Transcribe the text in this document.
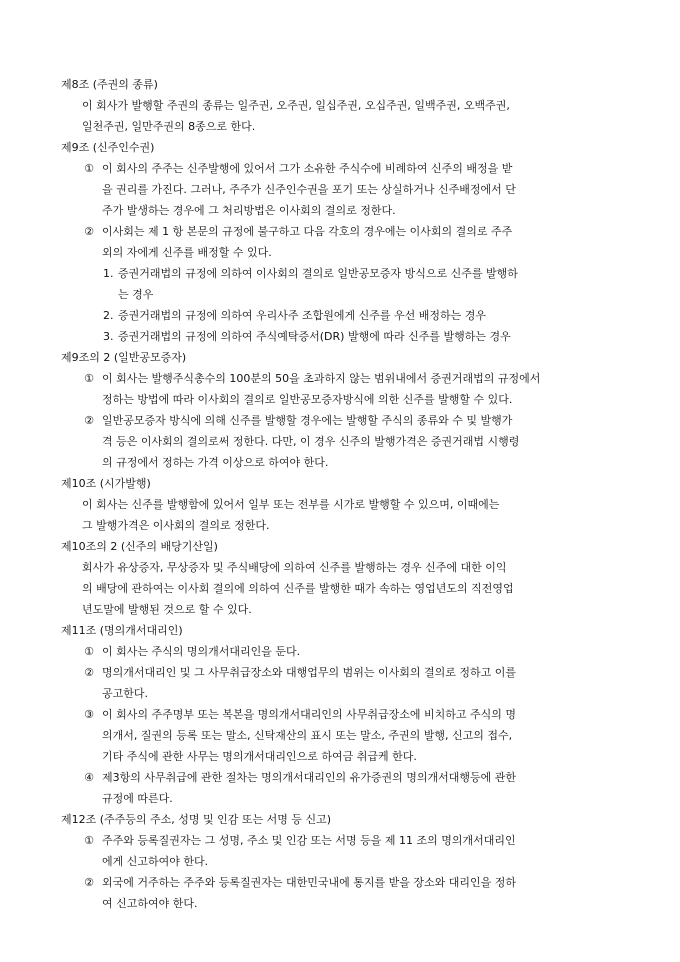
제8조 (주권의 종류)
이 회사가 발행할 주권의 종류는 일주권, 오주권, 일십주권, 오십주권, 일백주권, 오백주권,
일천주권, 일만주권의 8종으로 한다.
제9조 (신주인수권)
① 이 회사의 주주는 신주발행에 있어서 그가 소유한 주식수에 비례하여 신주의 배정을 받
을 권리를 가진다. 그러나, 주주가 신주인수권을 포기 또는 상실하거나 신주배정에서 단
주가 발생하는 경우에 그 처리방법은 이사회의 결의로 정한다.
② 이사회는 제 1 항 본문의 규정에 불구하고 다음 각호의 경우에는 이사회의 결의로 주주
외의 자에게 신주를 배정할 수 있다.
1. 증권거래법의 규정에 의하여 이사회의 결의로 일반공모증자 방식으로 신주를 발행하
는 경우
2. 증권거래법의 규정에 의하여 우리사주 조합원에게 신주를 우선 배정하는 경우
3. 증권거래법의 규정에 의하여 주식예탁증서(DR) 발행에 따라 신주를 발행하는 경우
제9조의 2 (일반공모증자)
① 이 회사는 발행주식총수의 100분의 50을 초과하지 않는 범위내에서 증권거래법의 규정에서
정하는 방법에 따라 이사회의 결의로 일반공모증자방식에 의한 신주를 발행할 수 있다.
② 일반공모증자 방식에 의해 신주를 발행할 경우에는 발행할 주식의 종류와 수 및 발행가
격 등은 이사회의 결의로써 정한다. 다만, 이 경우 신주의 발행가격은 증권거래법 시행령
의 규정에서 정하는 가격 이상으로 하여야 한다.
제10조 (시가발행)
이 회사는 신주를 발행함에 있어서 일부 또는 전부를 시가로 발행할 수 있으며, 이때에는
그 발행가격은 이사회의 결의로 정한다.
제10조의 2 (신주의 배당기산일)
회사가 유상증자, 무상증자 및 주식배당에 의하여 신주를 발행하는 경우 신주에 대한 이익
의 배당에 관하여는 이사회 결의에 의하여 신주를 발행한 때가 속하는 영업년도의 직전영업
년도말에 발행된 것으로 할 수 있다.
제11조 (명의개서대리인)
① 이 회사는 주식의 명의개서대리인을 둔다.
② 명의개서대리인 및 그 사무취급장소와 대행업무의 범위는 이사회의 결의로 정하고 이를
공고한다.
③ 이 회사의 주주명부 또는 복본을 명의개서대리인의 사무취급장소에 비치하고 주식의 명
의개서, 질권의 등록 또는 말소, 신탁재산의 표시 또는 말소, 주권의 발행, 신고의 접수,
기타 주식에 관한 사무는 명의개서대리인으로 하여금 취급케 한다.
④ 제3항의 사무취급에 관한 절차는 명의개서대리인의 유가증권의 명의개서대행등에 관한
규정에 따른다.
제12조 (주주등의 주소, 성명 및 인감 또는 서명 등 신고)
① 주주와 등록질권자는 그 성명, 주소 및 인감 또는 서명 등을 제 11 조의 명의개서대리인
에게 신고하여야 한다.
② 외국에 거주하는 주주와 등록질권자는 대한민국내에 통지를 받을 장소와 대리인을 정하
여 신고하여야 한다.
